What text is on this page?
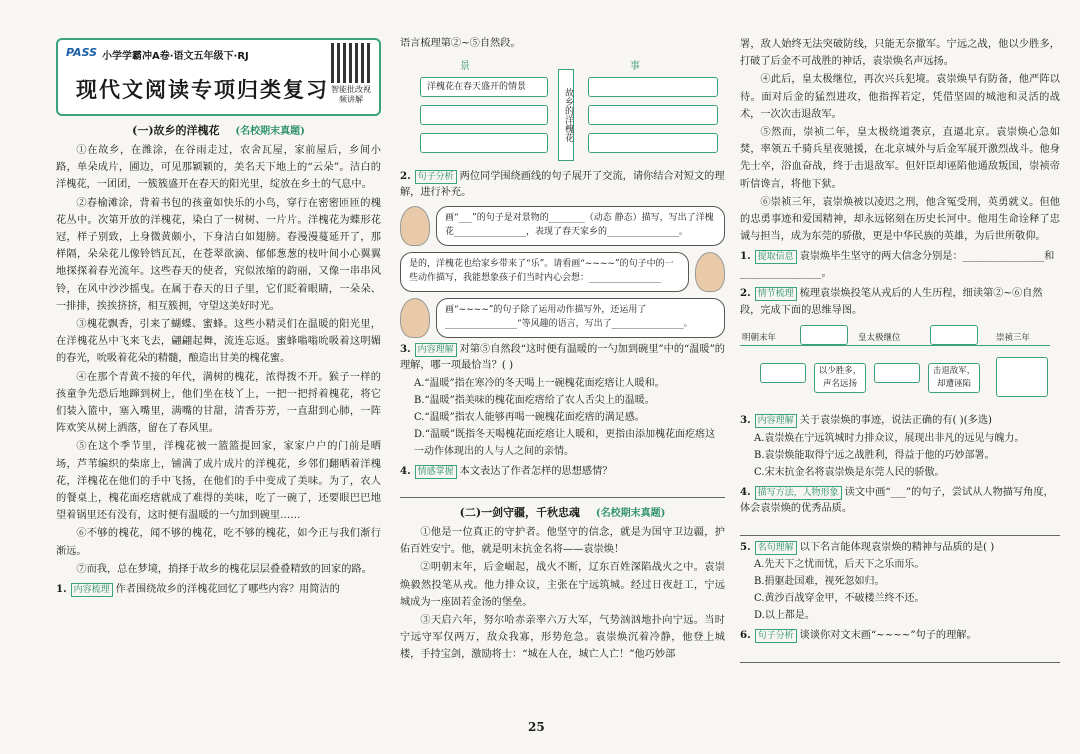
PASS 小学学霸冲A卷·语文五年级下·RJ
现代文阅读专项归类复习 智能批改视频讲解
(一)故乡的洋槐花 (名校期末真题)

①在故乡，在潍涂，在谷雨走过，农舍瓦屋，家前屋后，乡间小路，单朵成片，圃边，可见那颖颖的，美名天下地上的“云朵”。洁白的洋槐花，一团团，一簇簇盛开在春天的阳光里，绽放在乡土的气息中。

②春榆滩涂，背着书包的孩童如快乐的小鸟，穿行在密密匝匝的槐花丛中。次第开放的洋槐花，染白了一树树、一片片。洋槐花为蝶形花冠，样子别致，上身微黄颇小，下身洁白如翅膀。春漫漫蔓延开了，那样隔，朵朵花儿像铃铛瓦瓦，在苍翠欲滴、郁郁葱葱的枝叶间小心翼翼地探探着春光流年。这些春天的使者，究似浓缩的韵丽，又像一串串风铃，在风中沙沙摇曳。在属于春天的日子里，它们眨着眼睛，一朵朵、一排排，挨挨挤挤，相互簇拥，守望这美好时光。

③槐花飘香，引来了蝴蝶、蜜蜂。这些小精灵们在温暖的阳光里，在洋槐花丛中飞来飞去，翩翩起舞，流连忘返。蜜蜂嗡嗡吮吸着这明媚的春光，吮吸着花朵的精髓，酿造出甘美的槐花蜜。

④在那个青黄不接的年代，满树的槐花，浓得拨不开。猴子一样的孩童争先恐后地蹿到树上，他们坐在枝丫上，一把一把捋着槐花，将它们装入篮中，塞入嘴里，满嘴的甘甜，清香芬芳，一直甜到心肺，一阵阵欢笑从树上洒落，留在了春风里。

⑤在这个季节里，洋槐花被一篮篮提回家，家家户户的门前是晒场，芦苇编织的柴席上，铺满了成片成片的洋槐花，乡邻们翻晒着洋槐花，洋槐花在他们的手中飞扬，在他们的手中变成了美味。为了，农人的餐桌上，槐花面疙瘩就成了难得的美味，吃了一碗了，还要眼巴巴地望着锅里还有没有，这时便有温暖的一勺加到碗里……

⑥不够的槐花，闻不够的槐花，吃不够的槐花，如今正与我们渐行渐远。

⑦而我，总在梦境，捎择于故乡的槐花层层叠叠精致的回家的路。

1. 内容梳理 作者围绕故乡的洋槐花回忆了哪些内容？用简洁的
语言梳理第②~⑤自然段。
景	事
洋槐花在春天盛开的情景
故乡的洋槐花
2. 句子分析 两位同学围绕画线的句子展开了交流，请你结合对短文的理解，进行补充。
画“___”的句子是对景物的________（动态 静态）描写，写出了洋槐花________________，表现了春天家乡的________________。
是的，洋槐花也给家乡带来了“乐”。请看画“~~~~”的句子中的一些动作描写，我能想象孩子们当时内心会想：________________
画“~~~~”的句子除了运用动作描写外，还运用了________________“等风趣的语言，写出了________________。
3. 内容理解 对第⑤自然段“这时便有温暖的一勺加到碗里”中的“温暖”的理解，哪一项最恰当？( )
A.“温暖”指在寒冷的冬天喝上一碗槐花面疙瘩让人暖和。
B.“温暖”指美味的槐花面疙瘩给了农人舌尖上的温暖。
C.“温暖”指农人能够再喝一碗槐花面疙瘩的满足感。
D.“温暖”既指冬天喝槐花面疙瘩让人暖和，更指由添加槐花面疙瘩这一动作体现出的人与人之间的亲情。
4. 情感掌握 本文表达了作者怎样的思想感情？
(二)一剑守疆，千秋忠魂 (名校期末真题)

①他是一位真正的守护者。他坚守的信念，就是为国守卫边疆，护佑百姓安宁。他，就是明末抗金名将——袁崇焕！

②明朝末年，后金崛起，战火不断，辽东百姓深陷战火之中。袁崇焕毅然投笔从戎。他力排众议，主张在宁远筑城。经过日夜赶工，宁远城成为一座固若金汤的堡垒。

③天启六年，努尔哈赤亲率六万大军，气势汹汹地扑向宁远。当时宁远守军仅两万，敌众我寡，形势危急。袁崇焕沉着冷静，他登上城楼，手持宝剑，激励将士：“城在人在，城亡人亡！”他巧妙部

署，敌人始终无法突破防线，只能无奈撤军。宁远之战，他以少胜多，打破了后金不可战胜的神话，袁崇焕名声远扬。

④此后，皇太极继位，再次兴兵犯境。袁崇焕早有防备，他严阵以待。面对后金的猛烈进攻，他指挥若定，凭借坚固的城池和灵活的战术，一次次击退敌军。

⑤然而，崇祯二年，皇太极绕道袭京，直逼北京。袁崇焕心急如焚，率领五千骑兵星夜驰援，在北京城外与后金军展开激烈战斗。他身先士卒，浴血奋战，终于击退敌军。但奸臣却诬陷他通敌叛国，崇祯帝听信谗言，将他下狱。

⑥崇祯三年，袁崇焕被以凌迟之刑，他含冤受刑，英勇就义。但他的忠勇事迹和爱国精神，却永远铭刻在历史长河中。他用生命诠释了忠诚与担当，成为东莞的骄傲，更是中华民族的英雄，为后世所敬仰。

1. 提取信息 袁崇焕毕生坚守的两大信念分别是：________________和________________。
2. 情节梳理 梳理袁崇焕投笔从戎后的人生历程，细读第②~⑥自然段，完成下面的思维导图。
明朝末年	皇太极继位	崇祯三年
以少胜多，声名远扬
击退敌军，却遭诬陷
3. 内容理解 关于袁崇焕的事迹，说法正确的有( )(多选)
A.袁崇焕在宁远筑城时力排众议，展现出非凡的远见与魄力。
B.袁崇焕能取得宁远之战胜利，得益于他的巧妙部署。
C.宋末抗金名将袁崇焕是东莞人民的骄傲。
4. 描写方法，人物形象 读文中画“___”的句子，尝试从人物描写角度，体会袁崇焕的优秀品质。
5. 名句理解 以下名言能体现袁崇焕的精神与品质的是( )
A.先天下之忧而忧，后天下之乐而乐。
B.捐躯赴国难，视死忽如归。
C.黄沙百战穿金甲，不破楼兰终不还。
D.以上都是。
6. 句子分析 谈谈你对文末画“~~~~”句子的理解。
25
